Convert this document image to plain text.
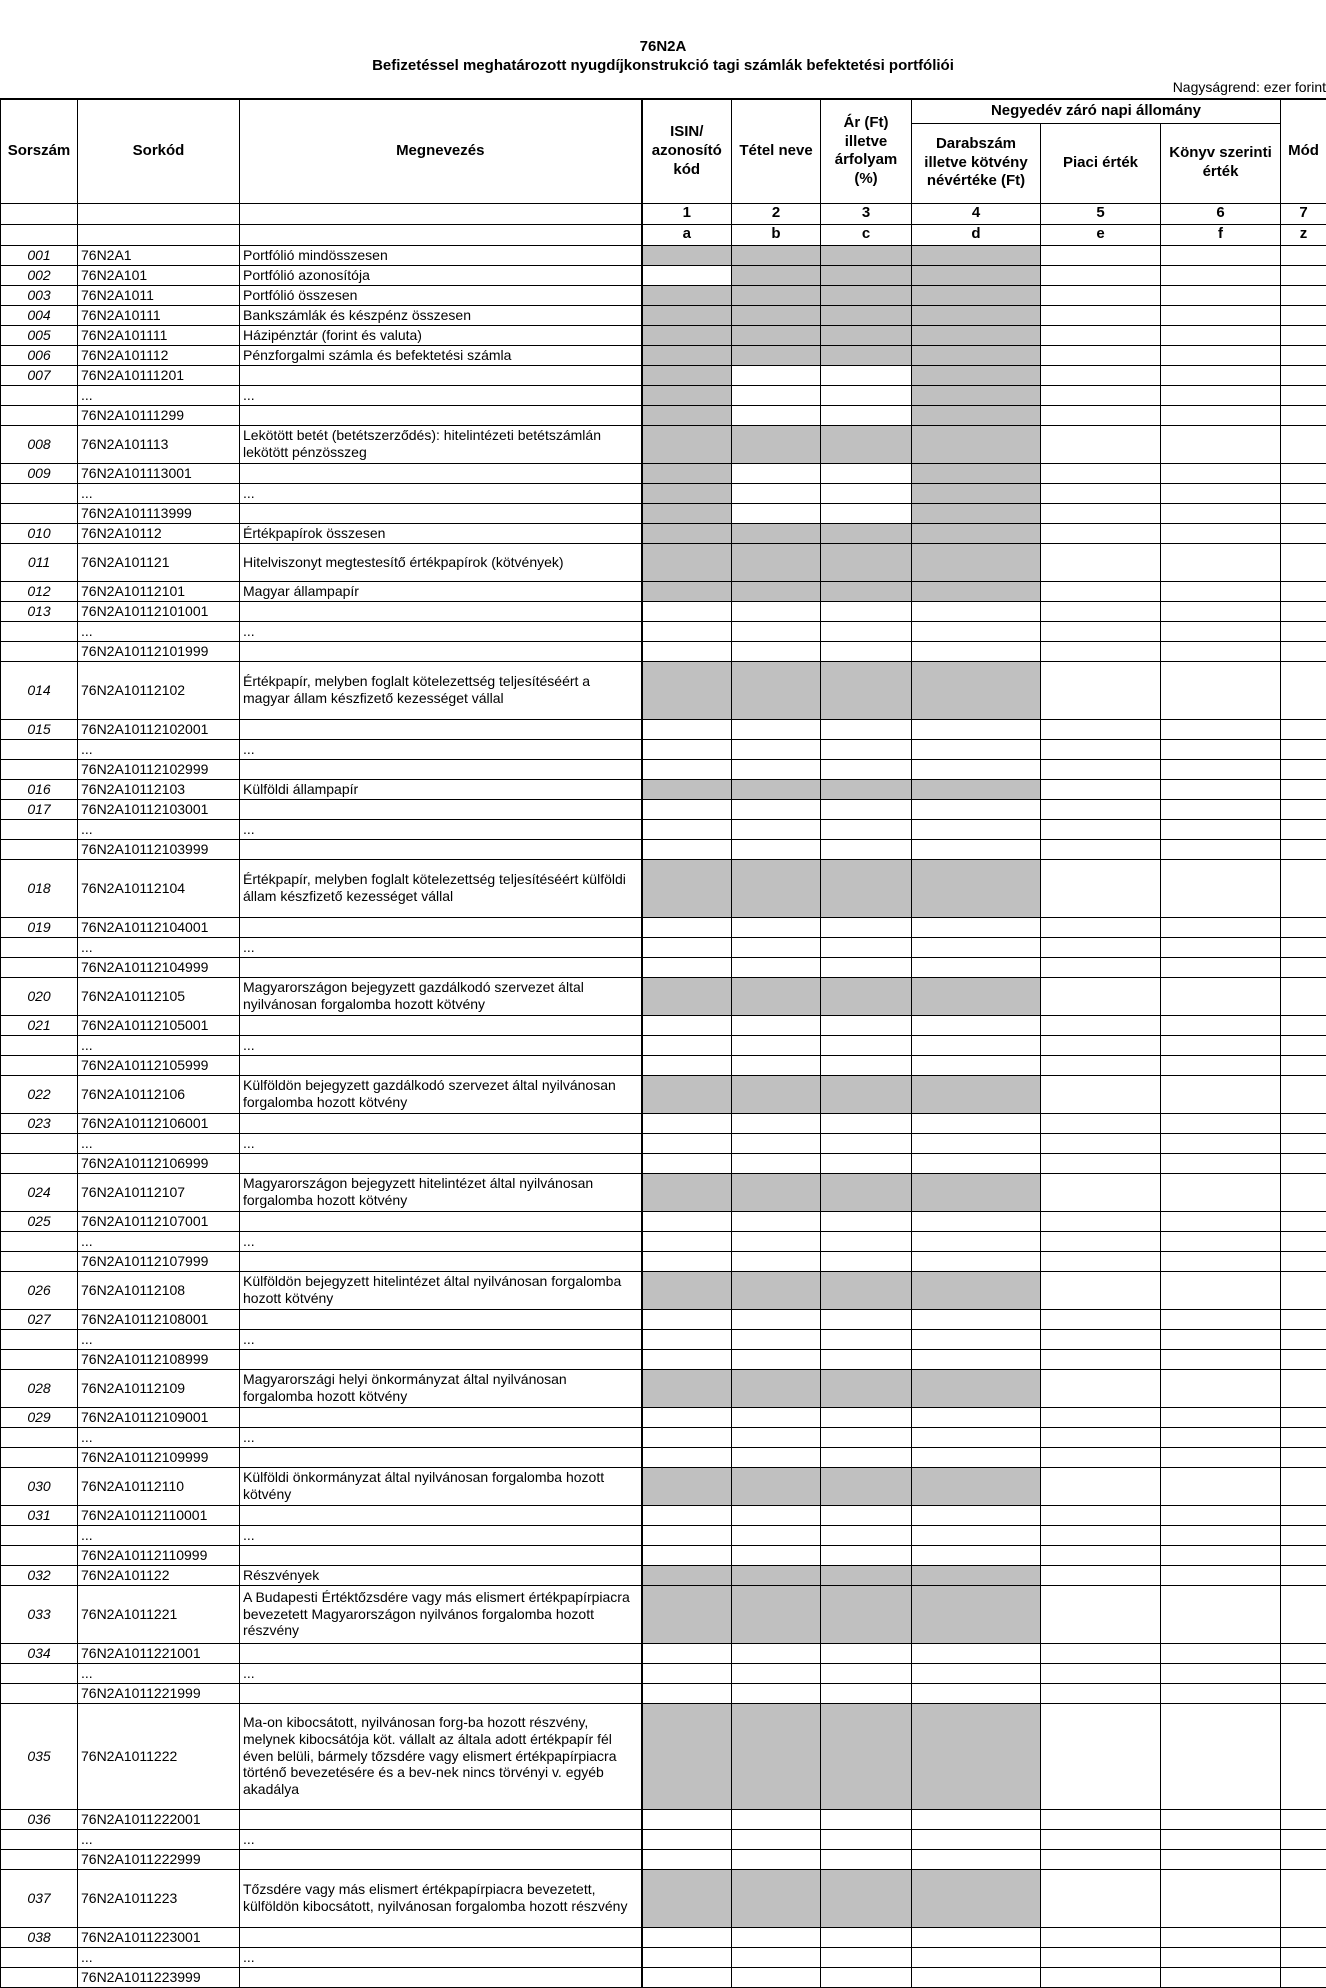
76N2A
Befizetéssel meghatározott nyugdíjkonstrukció tagi számlák befektetési portfóliói
Nagyságrend: ezer forint
Sorszám	Sorkód	Megnevezés	ISIN/ azonosító kód	Tétel neve	Ár (Ft) illetve árfolyam (%)	Negyedév záró napi állomány			Mód
						Darabszám illetve kötvény névértéke (Ft)	Piaci érték	Könyv szerinti érték	
			1	2	3	4	5	6	7
			a	b	c	d	e	f	z
001	76N2A1	Portfólió mindösszesen							
002	76N2A101	Portfólió azonosítója							
003	76N2A1011	Portfólió összesen							
004	76N2A10111	Bankszámlák és készpénz összesen							
005	76N2A101111	Házipénztár (forint és valuta)							
006	76N2A101112	Pénzforgalmi számla és befektetési számla							
007	76N2A10111201								
	...	...							
	76N2A10111299								
008	76N2A101113	Lekötött betét (betétszerződés): hitelintézeti betétszámlán lekötött pénzösszeg							
009	76N2A101113001								
	...	...							
	76N2A101113999								
010	76N2A10112	Értékpapírok összesen							
011	76N2A101121	Hitelviszonyt megtestesítő értékpapírok (kötvények)							
012	76N2A10112101	Magyar állampapír							
013	76N2A10112101001								
	...	...							
	76N2A10112101999								
014	76N2A10112102	Értékpapír, melyben foglalt kötelezettség teljesítéséért a magyar állam készfizető kezességet vállal							
015	76N2A10112102001								
	...	...							
	76N2A10112102999								
016	76N2A10112103	Külföldi állampapír							
017	76N2A10112103001								
	...	...							
	76N2A10112103999								
018	76N2A10112104	Értékpapír, melyben foglalt kötelezettség teljesítéséért külföldi állam készfizető kezességet vállal							
019	76N2A10112104001								
	...	...							
	76N2A10112104999								
020	76N2A10112105	Magyarországon bejegyzett gazdálkodó szervezet által nyilvánosan forgalomba hozott kötvény							
021	76N2A10112105001								
	...	...							
	76N2A10112105999								
022	76N2A10112106	Külföldön bejegyzett gazdálkodó szervezet által nyilvánosan forgalomba hozott kötvény							
023	76N2A10112106001								
	...	...							
	76N2A10112106999								
024	76N2A10112107	Magyarországon bejegyzett hitelintézet által nyilvánosan forgalomba hozott kötvény							
025	76N2A10112107001								
	...	...							
	76N2A10112107999								
026	76N2A10112108	Külföldön bejegyzett hitelintézet által nyilvánosan forgalomba hozott kötvény							
027	76N2A10112108001								
	...	...							
	76N2A10112108999								
028	76N2A10112109	Magyarországi helyi önkormányzat által nyilvánosan forgalomba hozott kötvény							
029	76N2A10112109001								
	...	...							
	76N2A10112109999								
030	76N2A10112110	Külföldi önkormányzat által nyilvánosan forgalomba hozott kötvény							
031	76N2A10112110001								
	...	...							
	76N2A10112110999								
032	76N2A101122	Részvények							
033	76N2A1011221	A Budapesti Értéktőzsdére vagy más elismert értékpapírpiacra bevezetett Magyarországon nyilvános forgalomba hozott részvény							
034	76N2A1011221001								
	...	...							
	76N2A1011221999								
035	76N2A1011222	Ma-on kibocsátott, nyilvánosan forg-ba hozott részvény, melynek kibocsátója köt. vállalt az általa adott értékpapír fél éven belüli, bármely tőzsdére vagy elismert értékpapírpiacra történő bevezetésére és a bev-nek nincs törvényi v. egyéb akadálya							
036	76N2A1011222001								
	...	...							
	76N2A1011222999								
037	76N2A1011223	Tőzsdére vagy más elismert értékpapírpiacra bevezetett, külföldön kibocsátott, nyilvánosan forgalomba hozott részvény							
038	76N2A1011223001								
	...	...							
	76N2A1011223999								
